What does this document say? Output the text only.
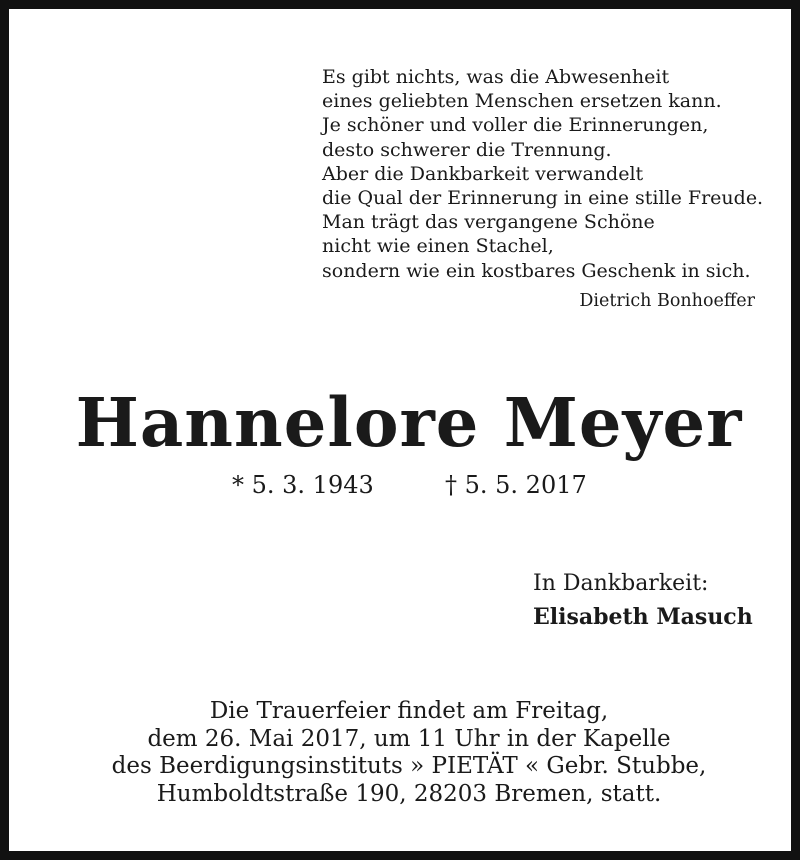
Es gibt nichts, was die Abwesenheit
eines geliebten Menschen ersetzen kann.
Je schöner und voller die Erinnerungen,
desto schwerer die Trennung.
Aber die Dankbarkeit verwandelt
die Qual der Erinnerung in eine stille Freude.
Man trägt das vergangene Schöne
nicht wie einen Stachel,
sondern wie ein kostbares Geschenk in sich.
Dietrich Bonhoeffer
Hannelore Meyer
* 5. 3. 1943	† 5. 5. 2017
In Dankbarkeit:
Elisabeth Masuch
Die Trauerfeier findet am Freitag,
dem 26. Mai 2017, um 11 Uhr in der Kapelle
des Beerdigungsinstituts » PIETÄT « Gebr. Stubbe,
Humboldtstraße 190, 28203 Bremen, statt.
